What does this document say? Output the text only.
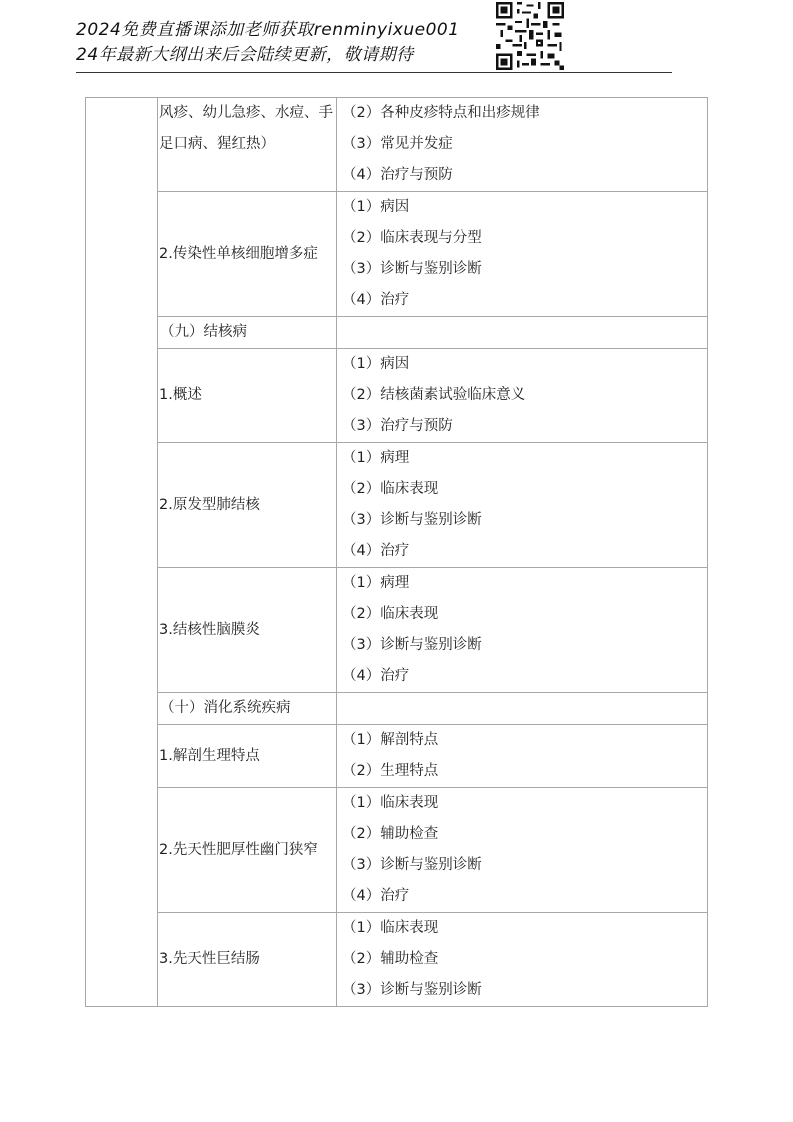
2024免费直播课添加老师获取renminyixue001
24年最新大纲出来后会陆续更新，敬请期待
	风疹、幼儿急疹、水痘、手足口病、猩红热）	（2）各种皮疹特点和出疹规律
（3）常见并发症
（4）治疗与预防

	2.传染性单核细胞增多症	（1）病因
（2）临床表现与分型
（3）诊断与鉴别诊断
（4）治疗

	（九）结核病	
	1.概述	（1）病因
（2）结核菌素试验临床意义
（3）治疗与预防

	2.原发型肺结核	（1）病理
（2）临床表现
（3）诊断与鉴别诊断
（4）治疗

	3.结核性脑膜炎	（1）病理
（2）临床表现
（3）诊断与鉴别诊断
（4）治疗

	（十）消化系统疾病	
	1.解剖生理特点	（1）解剖特点
（2）生理特点

	2.先天性肥厚性幽门狭窄	（1）临床表现
（2）辅助检查
（3）诊断与鉴别诊断
（4）治疗

	3.先天性巨结肠	（1）临床表现
（2）辅助检查
（3）诊断与鉴别诊断
